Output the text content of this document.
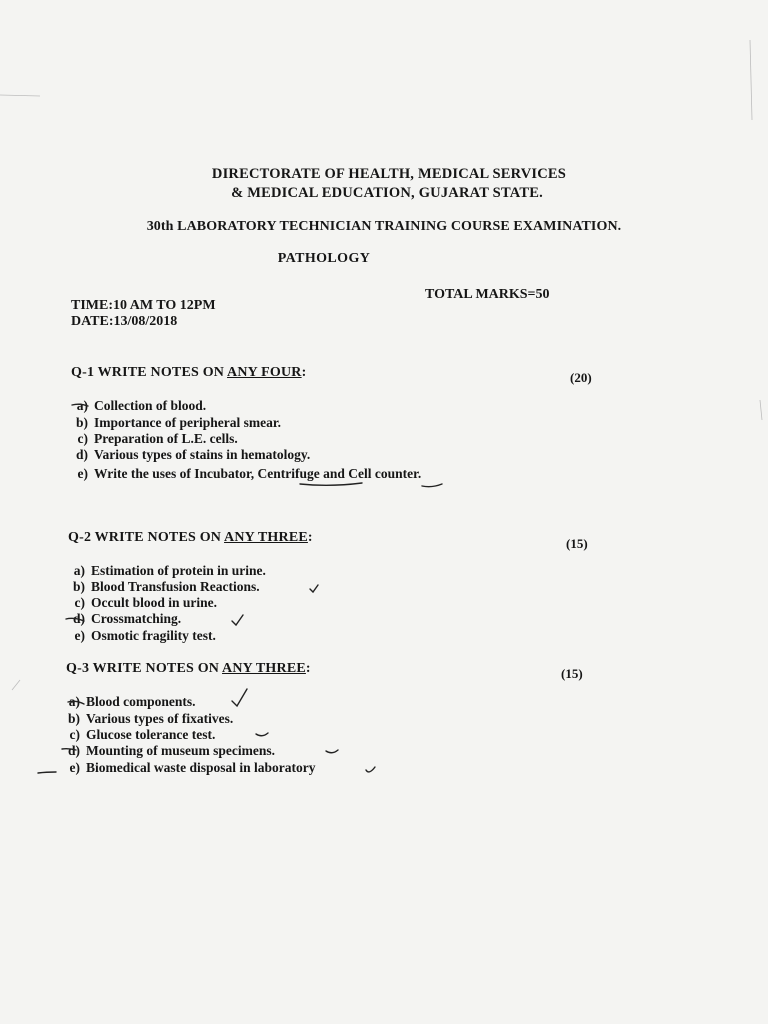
DIRECTORATE OF HEALTH, MEDICAL SERVICES
& MEDICAL EDUCATION, GUJARAT STATE.
30th LABORATORY TECHNICIAN TRAINING COURSE EXAMINATION.
PATHOLOGY
TOTAL MARKS=50
TIME:10 AM TO 12PM
DATE:13/08/2018
Q-1 WRITE NOTES ON ANY FOUR:	(20)
a) Collection of blood.
b) Importance of peripheral smear.
c) Preparation of L.E. cells.
d) Various types of stains in hematology.
e) Write the uses of Incubator, Centrifuge and Cell counter.
Q-2 WRITE NOTES ON ANY THREE:	(15)
a) Estimation of protein in urine.
b) Blood Transfusion Reactions.
c) Occult blood in urine.
d) Crossmatching.
e) Osmotic fragility test.
Q-3 WRITE NOTES ON ANY THREE:	(15)
a) Blood components.
b) Various types of fixatives.
c) Glucose tolerance test.
d) Mounting of museum specimens.
e) Biomedical waste disposal in laboratory
